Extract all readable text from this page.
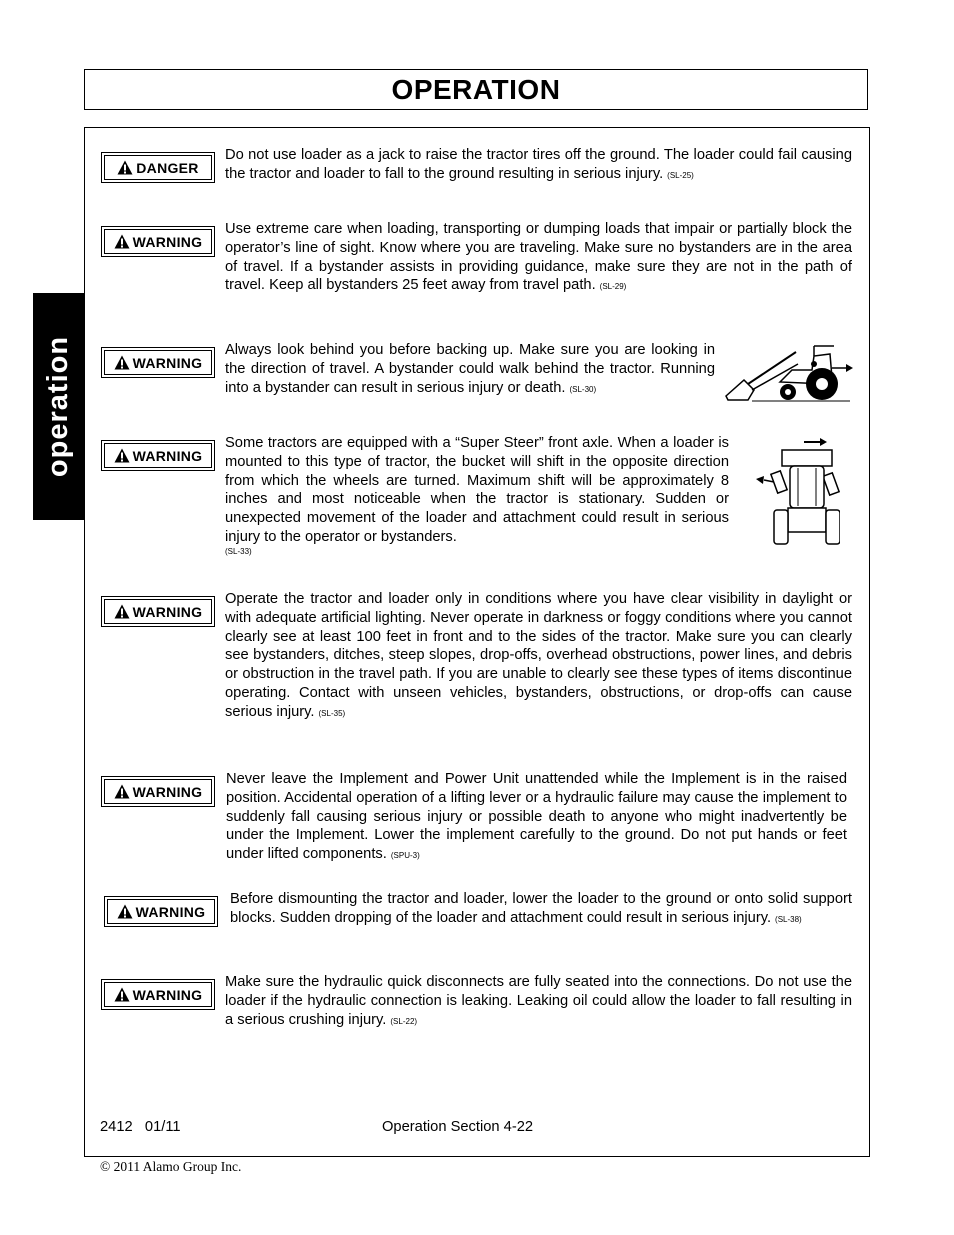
OPERATION
operation
DANGER
Do not use loader as a jack to raise the tractor tires off the ground. The loader could fail causing the tractor and loader to fall to the ground resulting in serious injury. (SL-25)
WARNING
Use extreme care when loading, transporting or dumping loads that impair or partially block the operator’s line of sight. Know where you are traveling. Make sure no bystanders are in the area of travel. If a bystander assists in providing guidance, make sure they are not in the path of travel. Keep all bystanders 25 feet away from travel path. (SL-29)
WARNING
Always look behind you before backing up. Make sure you are looking in the direction of travel. A bystander could walk behind the tractor. Running into a bystander can result in serious injury or death. (SL-30)
WARNING
Some tractors are equipped with a “Super Steer” front axle. When a loader is mounted to this type of tractor, the bucket will shift in the opposite direction from which the wheels are turned. Maximum shift will be approximately 8 inches and most noticeable when the tractor is stationary. Sudden or unexpected movement of the loader and attachment could result in serious injury to the operator or bystanders.
(SL-33)
WARNING
Operate the tractor and loader only in conditions where you have clear visibility in daylight or with adequate artificial lighting. Never operate in darkness or foggy conditions where you cannot clearly see at least 100 feet in front and to the sides of the tractor. Make sure you can clearly see bystanders, ditches, steep slopes, drop-offs, overhead obstructions, power lines, and debris or obstruction in the travel path. If you are unable to clearly see these types of items discontinue operating. Contact with unseen vehicles, bystanders, obstructions, or drop-offs can cause serious injury. (SL-35)
WARNING
Never leave the Implement and Power Unit unattended while the Implement is in the raised position. Accidental operation of a lifting lever or a hydraulic failure may cause the implement to suddenly fall causing serious injury or possible death to anyone who might inadvertently be under the Implement. Lower the implement carefully to the ground. Do not put hands or feet under lifted components. (SPU-3)
WARNING
Before dismounting the tractor and loader, lower the loader to the ground or onto solid support blocks. Sudden dropping of the loader and attachment could result in serious injury. (SL-38)
WARNING
Make sure the hydraulic quick disconnects are fully seated into the connections. Do not use the loader if the hydraulic connection is leaking. Leaking oil could allow the loader to fall resulting in a serious crushing injury. (SL-22)
2412   01/11	Operation Section 4-22
© 2011 Alamo Group Inc.
